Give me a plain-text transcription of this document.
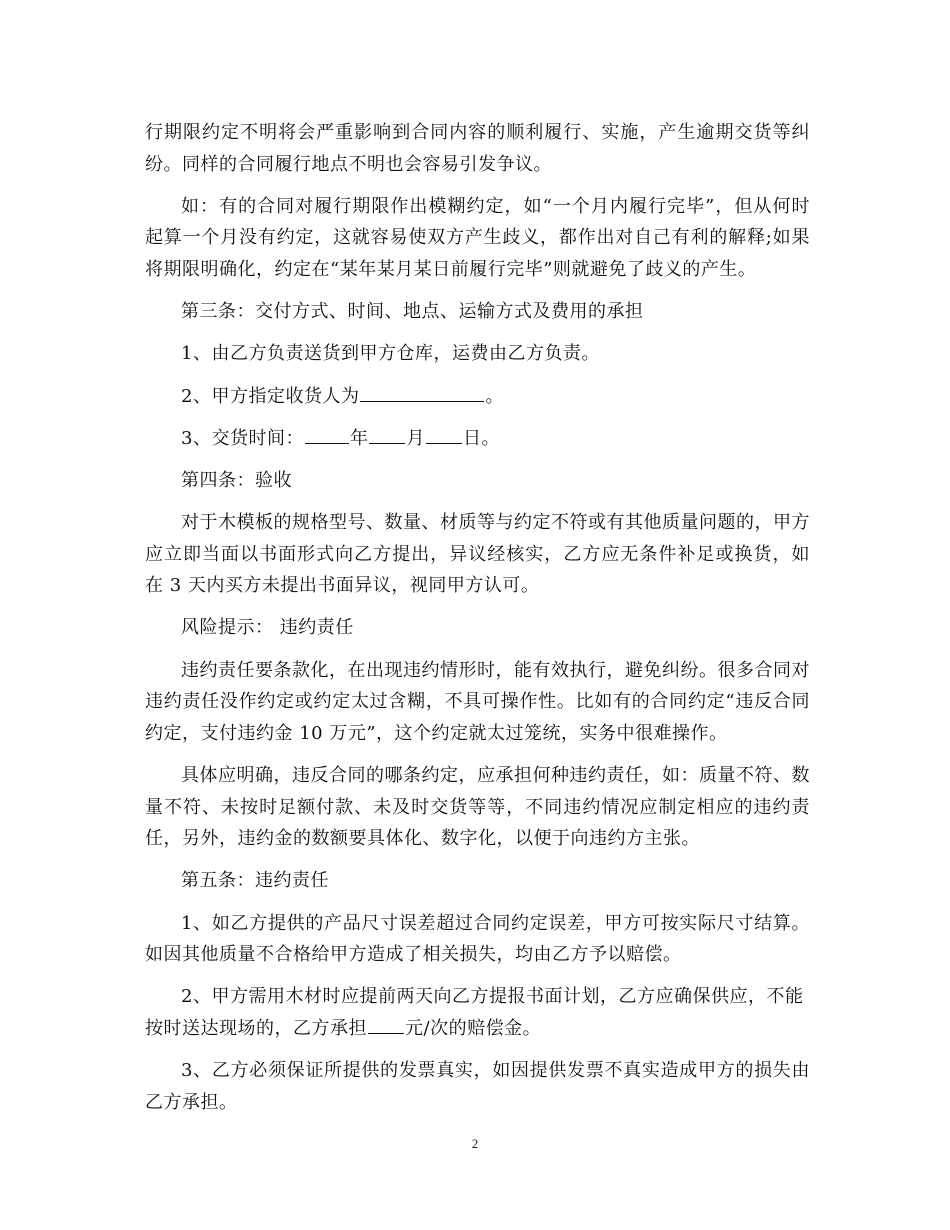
行期限约定不明将会严重影响到合同内容的顺利履行、实施，产生逾期交货等纠纷。同样的合同履行地点不明也会容易引发争议。

如：有的合同对履行期限作出模糊约定，如“一个月内履行完毕”，但从何时起算一个月没有约定，这就容易使双方产生歧义，都作出对自己有利的解释;如果将期限明确化，约定在“某年某月某日前履行完毕”则就避免了歧义的产生。

第三条：交付方式、时间、地点、运输方式及费用的承担

1、由乙方负责送货到甲方仓库，运费由乙方负责。

2、甲方指定收货人为	。

3、交货时间：	年 月 日。

第四条：验收

对于木模板的规格型号、数量、材质等与约定不符或有其他质量问题的，甲方应立即当面以书面形式向乙方提出，异议经核实，乙方应无条件补足或换货，如在 3 天内买方未提出书面异议，视同甲方认可。

风险提示： 违约责任

违约责任要条款化，在出现违约情形时，能有效执行，避免纠纷。很多合同对违约责任没作约定或约定太过含糊，不具可操作性。比如有的合同约定“违反合同约定，支付违约金 10 万元”，这个约定就太过笼统，实务中很难操作。

具体应明确，违反合同的哪条约定，应承担何种违约责任，如：质量不符、数量不符、未按时足额付款、未及时交货等等，不同违约情况应制定相应的违约责任，另外，违约金的数额要具体化、数字化，以便于向违约方主张。

第五条：违约责任

1、如乙方提供的产品尺寸误差超过合同约定误差，甲方可按实际尺寸结算。如因其他质量不合格给甲方造成了相关损失，均由乙方予以赔偿。

2、甲方需用木材时应提前两天向乙方提报书面计划，乙方应确保供应，不能

按时送达现场的，乙方承担 元/次的赔偿金。

3、乙方必须保证所提供的发票真实，如因提供发票不真实造成甲方的损失由乙方承担。

2
